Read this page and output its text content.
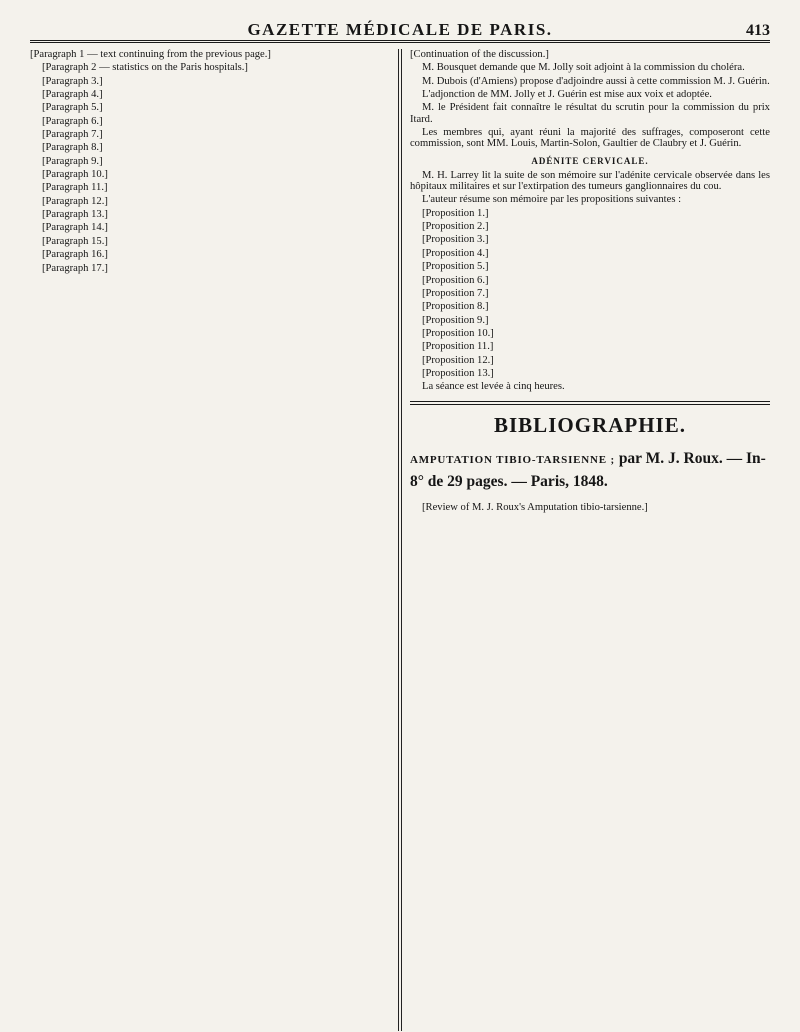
GAZETTE MÉDICALE DE PARIS.	413

[Paragraph 1 — text continuing from the previous page.]

[Paragraph 2 — statistics on the Paris hospitals.]

[Paragraph 3.]

[Paragraph 4.]

[Paragraph 5.]

[Paragraph 6.]

[Paragraph 7.]

[Paragraph 8.]

[Paragraph 9.]

[Paragraph 10.]

[Paragraph 11.]

[Paragraph 12.]

[Paragraph 13.]

[Paragraph 14.]

[Paragraph 15.]

[Paragraph 16.]

[Paragraph 17.]

[Continuation of the discussion.]

M. Bousquet demande que M. Jolly soit adjoint à la commission du choléra.

M. Dubois (d'Amiens) propose d'adjoindre aussi à cette commission M. J. Guérin.

L'adjonction de MM. Jolly et J. Guérin est mise aux voix et adoptée.

M. le Président fait connaître le résultat du scrutin pour la commission du prix Itard.

Les membres qui, ayant réuni la majorité des suffrages, composeront cette commission, sont MM. Louis, Martin-Solon, Gaultier de Claubry et J. Guérin.

ADÉNITE CERVICALE.

M. H. Larrey lit la suite de son mémoire sur l'adénite cervicale observée dans les hôpitaux militaires et sur l'extirpation des tumeurs ganglionnaires du cou.

L'auteur résume son mémoire par les propositions suivantes :

[Proposition 1.]

[Proposition 2.]

[Proposition 3.]

[Proposition 4.]

[Proposition 5.]

[Proposition 6.]

[Proposition 7.]

[Proposition 8.]

[Proposition 9.]

[Proposition 10.]

[Proposition 11.]

[Proposition 12.]

[Proposition 13.]

La séance est levée à cinq heures.

BIBLIOGRAPHIE.
AMPUTATION TIBIO-TARSIENNE ; par M. J. Roux. — In-8° de 29 pages. — Paris, 1848.

[Review of M. J. Roux's Amputation tibio-tarsienne.]
